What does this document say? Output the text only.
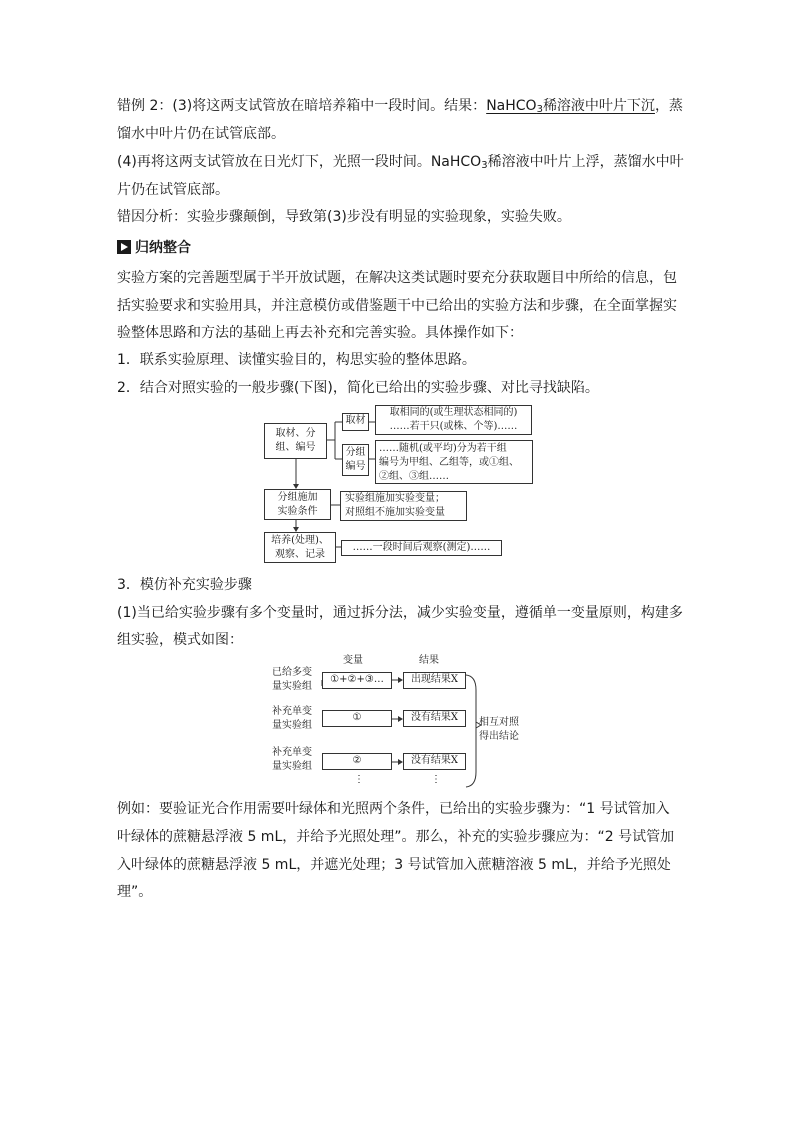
错例 2：(3)将这两支试管放在暗培养箱中一段时间。结果：NaHCO$_3$稀溶液中叶片下沉，蒸
馏水中叶片仍在试管底部。
(4)再将这两支试管放在日光灯下，光照一段时间。NaHCO$_3$稀溶液中叶片上浮，蒸馏水中叶
片仍在试管底部。
错因分析：实验步骤颠倒，导致第(3)步没有明显的实验现象，实验失败。
归纳整合
实验方案的完善题型属于半开放试题，在解决这类试题时要充分获取题目中所给的信息，包
括实验要求和实验用具，并注意模仿或借鉴题干中已给出的实验方法和步骤，在全面掌握实
验整体思路和方法的基础上再去补充和完善实验。具体操作如下：
1．联系实验原理、读懂实验目的，构思实验的整体思路。
2．结合对照实验的一般步骤(下图)，简化已给出的实验步骤、对比寻找缺陷。
取材、分
组、编号
取材
取相同的(或生理状态相同的)
……若干只(或株、个等)……
分组
编号
……随机(或平均)分为若干组
编号为甲组、乙组等，或①组、
②组、③组……
分组施加
实验条件
实验组施加实验变量；
对照组不施加实验变量
培养(处理)、
观察、记录
……一段时间后观察(测定)……
3．模仿补充实验步骤
(1)当已给实验步骤有多个变量时，通过拆分法，减少实验变量，遵循单一变量原则，构建多
组实验，模式如图：
变量	结果
已给多变
量实验组
①+②+③…	出现结果X
补充单变
量实验组
①	没有结果X
补充单变
量实验组
②	没有结果X
⋮	⋮
相互对照
得出结论
例如：要验证光合作用需要叶绿体和光照两个条件，已给出的实验步骤为：“1 号试管加入
叶绿体的蔗糖悬浮液 5 mL，并给予光照处理”。那么，补充的实验步骤应为：“2 号试管加
入叶绿体的蔗糖悬浮液 5 mL，并遮光处理；3 号试管加入蔗糖溶液 5 mL，并给予光照处
理”。
